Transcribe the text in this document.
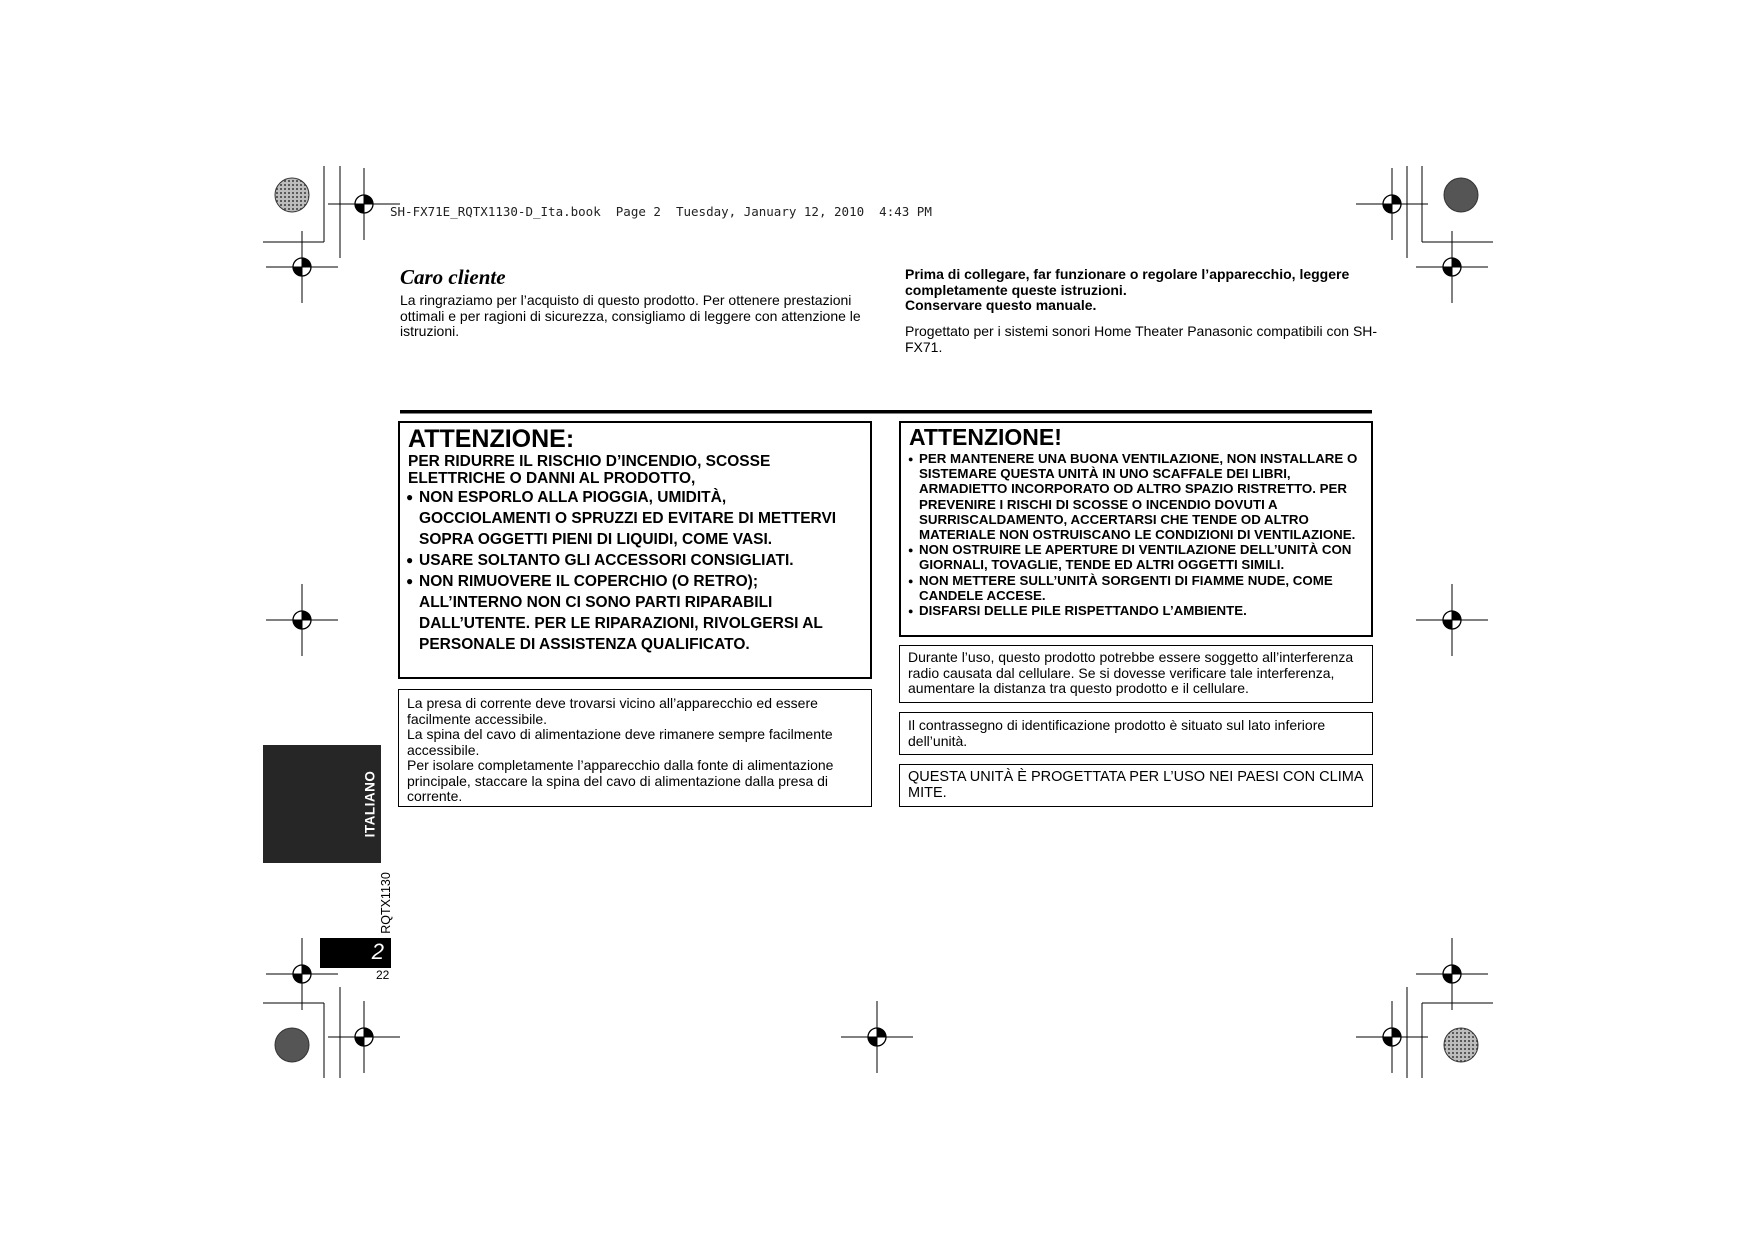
SH-FX71E_RQTX1130-D_Ita.book  Page 2  Tuesday, January 12, 2010  4:43 PM
Caro cliente
La ringraziamo per l’acquisto di questo prodotto. Per ottenere prestazioni ottimali e per ragioni di sicurezza, consigliamo di leggere con attenzione le istruzioni.
Prima di collegare, far funzionare o regolare l’apparecchio, leggere completamente queste istruzioni.
Conservare questo manuale.
Progettato per i sistemi sonori Home Theater Panasonic compatibili con SH-FX71.

ATTENZIONE:

PER RIDURRE IL RISCHIO D’INCENDIO, SCOSSE ELETTRICHE O DANNI AL PRODOTTO,

● NON ESPORLO ALLA PIOGGIA, UMIDITÀ, GOCCIOLAMENTI O SPRUZZI ED EVITARE DI METTERVI SOPRA OGGETTI PIENI DI LIQUIDI, COME VASI.
● USARE SOLTANTO GLI ACCESSORI CONSIGLIATI.
● NON RIMUOVERE IL COPERCHIO (O RETRO); ALL’INTERNO NON CI SONO PARTI RIPARABILI DALL’UTENTE. PER LE RIPARAZIONI, RIVOLGERSI AL PERSONALE DI ASSISTENZA QUALIFICATO.

ATTENZIONE!

● PER MANTENERE UNA BUONA VENTILAZIONE, NON INSTALLARE O SISTEMARE QUESTA UNITÀ IN UNO SCAFFALE DEI LIBRI, ARMADIETTO INCORPORATO OD ALTRO SPAZIO RISTRETTO. PER PREVENIRE I RISCHI DI SCOSSE O INCENDIO DOVUTI A SURRISCALDAMENTO, ACCERTARSI CHE TENDE OD ALTRO MATERIALE NON OSTRUISCANO LE CONDIZIONI DI VENTILAZIONE.
● NON OSTRUIRE LE APERTURE DI VENTILAZIONE DELL’UNITÀ CON GIORNALI, TOVAGLIE, TENDE ED ALTRI OGGETTI SIMILI.
● NON METTERE SULL’UNITÀ SORGENTI DI FIAMME NUDE, COME CANDELE ACCESE.
● DISFARSI DELLE PILE RISPETTANDO L’AMBIENTE.
La presa di corrente deve trovarsi vicino all’apparecchio ed essere facilmente accessibile.
La spina del cavo di alimentazione deve rimanere sempre facilmente accessibile.
Per isolare completamente l’apparecchio dalla fonte di alimentazione principale, staccare la spina del cavo di alimentazione dalla presa di corrente.
Durante l’uso, questo prodotto potrebbe essere soggetto all’interferenza radio causata dal cellulare. Se si dovesse verificare tale interferenza, aumentare la distanza tra questo prodotto e il cellulare.
Il contrassegno di identificazione prodotto è situato sul lato inferiore dell’unità.
QUESTA UNITÀ È PROGETTATA PER L’USO NEI PAESI CON CLIMA MITE.
ITALIANO
RQTX1130
2
22
